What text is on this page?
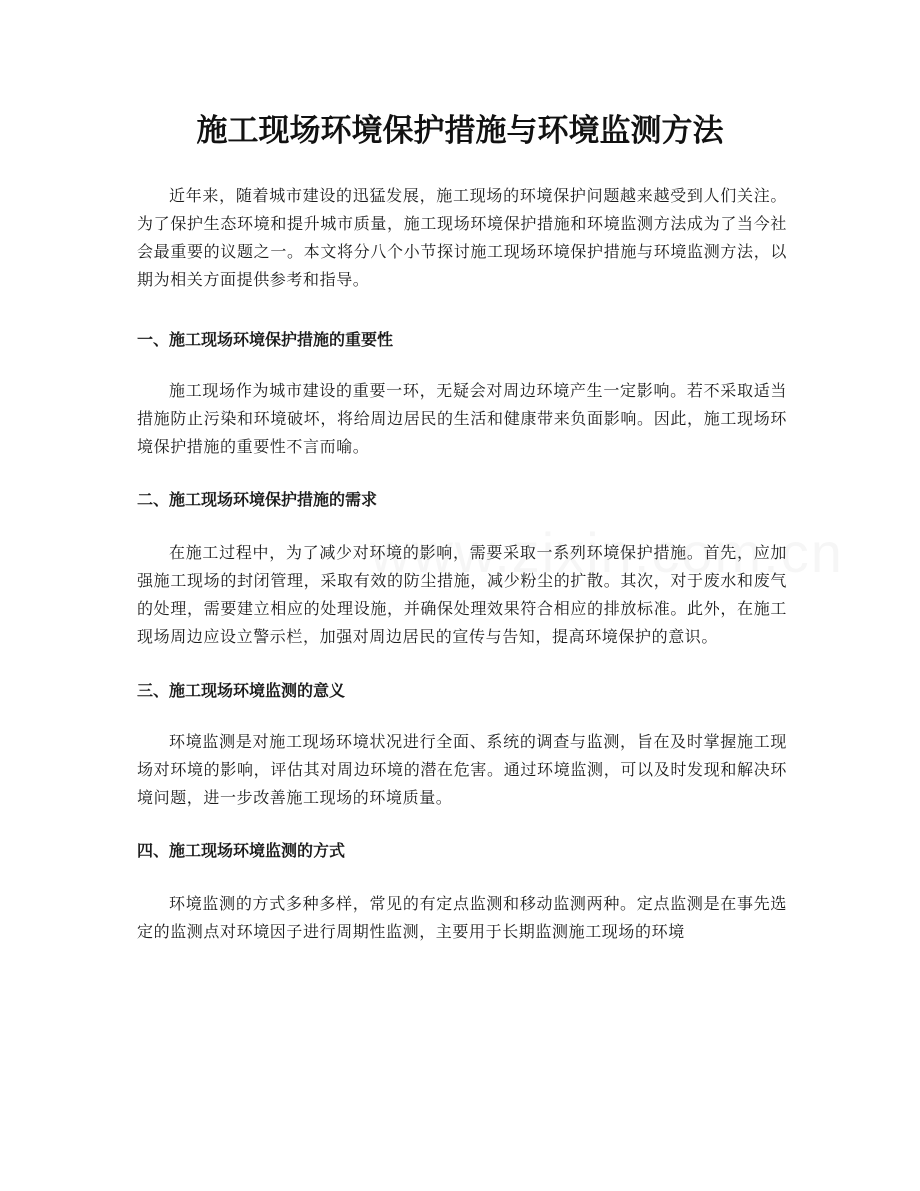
施工现场环境保护措施与环境监测方法

近年来，随着城市建设的迅猛发展，施工现场的环境保护问题越来越受到人们关注。为了保护生态环境和提升城市质量，施工现场环境保护措施和环境监测方法成为了当今社会最重要的议题之一。本文将分八个小节探讨施工现场环境保护措施与环境监测方法，以期为相关方面提供参考和指导。

一、施工现场环境保护措施的重要性

施工现场作为城市建设的重要一环，无疑会对周边环境产生一定影响。若不采取适当措施防止污染和环境破坏，将给周边居民的生活和健康带来负面影响。因此，施工现场环境保护措施的重要性不言而喻。

二、施工现场环境保护措施的需求

在施工过程中，为了减少对环境的影响，需要采取一系列环境保护措施。首先，应加强施工现场的封闭管理，采取有效的防尘措施，减少粉尘的扩散。其次，对于废水和废气的处理，需要建立相应的处理设施，并确保处理效果符合相应的排放标准。此外，在施工现场周边应设立警示栏，加强对周边居民的宣传与告知，提高环境保护的意识。

三、施工现场环境监测的意义

环境监测是对施工现场环境状况进行全面、系统的调查与监测，旨在及时掌握施工现场对环境的影响，评估其对周边环境的潜在危害。通过环境监测，可以及时发现和解决环境问题，进一步改善施工现场的环境质量。

四、施工现场环境监测的方式

环境监测的方式多种多样，常见的有定点监测和移动监测两种。定点监测是在事先选定的监测点对环境因子进行周期性监测，主要用于长期监测施工现场的环境
